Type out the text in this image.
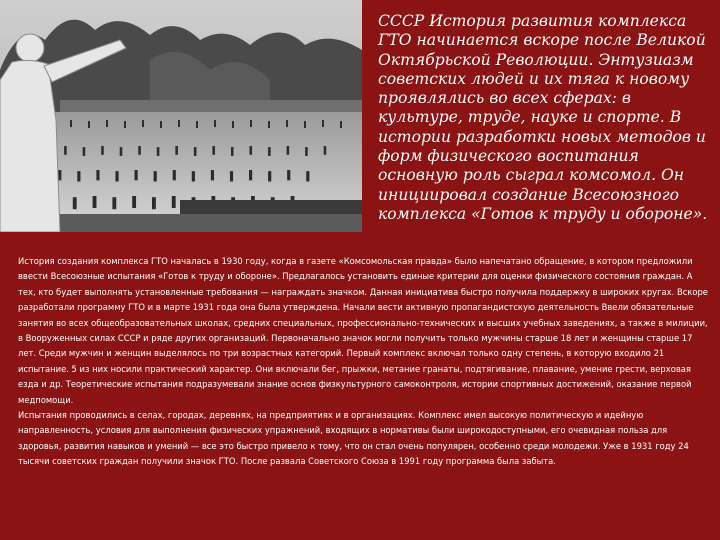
СССР История развития комплекса ГТО начинается вскоре после Великой Октябрьской Революции. Энтузиазм советских людей и их тяга к новому проявлялись во всех сферах: в культуре, труде, науке и спорте. В истории разработки новых методов и форм физического воспитания основную роль сыграл комсомол. Он инициировал создание Всесоюзного комплекса «Готов к труду и обороне».

История создания комплекса ГТО началась в 1930 году, когда в газете «Комсомольская правда» было напечатано обращение, в котором предложили ввести Всесоюзные испытания «Готов к труду и обороне». Предлагалось установить единые критерии для оценки физического состояния граждан. А тех, кто будет выполнять установленные требования — награждать значком. Данная инициатива быстро получила поддержку в широких кругах. Вскоре разработали программу ГТО и в марте 1931 года она была утверждена. Начали вести активную пропагандистскую деятельность Ввели обязательные занятия во всех общеобразовательных школах, средних специальных, профессионально-технических и высших учебных заведениях, а также в милиции, в Вооруженных силах СССР и ряде других организаций. Первоначально значок могли получить только мужчины старше 18 лет и женщины старше 17 лет. Среди мужчин и женщин выделялось по три возрастных категорий. Первый комплекс включал только одну степень, в которую входило 21 испытание. 5 из них носили практический характер. Они включали бег, прыжки, метание гранаты, подтягивание, плавание, умение грести, верховая езда и др. Теоретические испытания подразумевали знание основ физкультурного самоконтроля, истории спортивных достижений, оказание первой медпомощи.

Испытания проводились в селах, городах, деревнях, на предприятиях и в организациях. Комплекс имел высокую политическую и идейную направленность, условия для выполнения физических упражнений, входящих в нормативы были широкодоступными, его очевидная польза для здоровья, развития навыков и умений — все это быстро привело к тому, что он стал очень популярен, особенно среди молодежи. Уже в 1931 году 24 тысячи советских граждан получили значок ГТО. После развала Советского Союза в 1991 году программа была забыта.
